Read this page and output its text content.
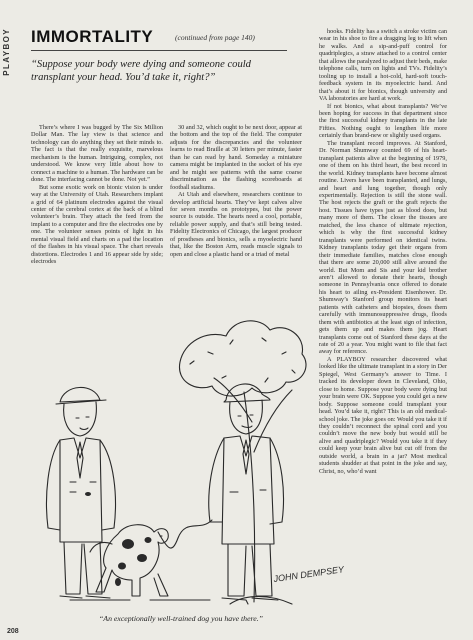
PLAYBOY IMMORTALITY	(continued from page 140)
“Suppose your body were dying and someone could transplant your head. You’d take it, right?”

There’s where I was bugged by The Six Million Dollar Man. The lay view is that science and technology can do anything they set their minds to. The fact is that the really exquisite, marvelous mechanism is the human. Intriguing, complex, not understood. We know very little about how to connect a machine to a human. The hardware can be done. The interfacing cannot be done. Not yet.”

But some exotic work on bionic vision is under way at the University of Utah. Researchers implant a grid of 64 platinum electrodes against the visual center of the cerebral cortex at the back of a blind volunteer’s brain. They attach the feed from the implant to a computer and fire the electrodes one by one. The volunteer senses points of light in his mental visual field and charts on a pad the location of the flashes in his visual space. The chart reveals distortions. Electrodes 1 and 16 appear side by side; electrodes

30 and 32, which ought to be next door, appear at the bottom and the top of the field. The computer adjusts for the discrepancies and the volunteer learns to read Braille at 30 letters per minute, faster than he can read by hand. Someday a miniature camera might be implanted in the socket of his eye and he might see patterns with the same coarse discrimination as the flashing scoreboards at football stadiums.

At Utah and elsewhere, researchers continue to develop artificial hearts. They’ve kept calves alive for seven months on prototypes, but the power source is outside. The hearts need a cool, portable, reliable power supply, and that’s still being tested. Fidelity Electronics of Chicago, the largest producer of prostheses and bionics, sells a myoelectric hand that, like the Boston Arm, reads muscle signals to open and close a plastic hand or a triad of metal

hooks. Fidelity has a switch a stroke victim can wear in his shoe to fire a dragging leg to lift when he walks. And a sip-and-puff control for quadriplegics, a straw attached to a control center that allows the paralyzed to adjust their beds, make telephone calls, turn on lights and TVs. Fidelity’s tooling up to install a hot-cold, hard-soft touch-feedback system in its myoelectric hand. And that’s about it for bionics, though university and VA laboratories are hard at work.

If not bionics, what about transplants? We’ve been hoping for success in that department since the first successful kidney transplants in the late Fifties. Nothing ought to lengthen life more certainly than brand-new or slightly used organs.

The transplant record improves. At Stanford, Dr. Norman Shumway counted 69 of his heart-transplant patients alive at the beginning of 1979, one of them on his third heart, the best record in the world. Kidney transplants have become almost routine. Livers have been transplanted, and lungs, and heart and lung together, though only experimentally. Rejection is still the stone wall. The host rejects the graft or the graft rejects the host. Tissues have types just as blood does, but many more of them. The closer the tissues are matched, the less chance of ultimate rejection, which is why the first successful kidney transplants were performed on identical twins. Kidney transplants today get their organs from their immediate families, matches close enough that there are some 20,000 still alive around the world. But Mom and Sis and your kid brother aren’t allowed to donate their hearts, though someone in Pennsylvania once offered to donate his heart to ailing ex-President Eisenhower. Dr. Shumway’s Stanford group monitors its heart patients with catheters and biopsies, doses them carefully with immunosuppressive drugs, floods them with antibiotics at the least sign of infection, gets them up and makes them jog. Heart transplants come out of Stanford these days at the rate of 20 a year. You might want to file that fact away for reference.

A PLAYBOY researcher discovered what looked like the ultimate transplant in a story in Der Spiegel, West Germany’s answer to Time. I tracked its developer down in Cleveland, Ohio, close to home. Suppose your body were dying but your brain were OK. Suppose you could get a new body. Suppose someone could transplant your head. You’d take it, right? This is an old medical-school joke. The joke goes on: Would you take it if they couldn’t reconnect the spinal cord and you couldn’t move the new body but would still be alive and quadriplegic? Would you take it if they could keep your brain alive but cut off from the outside world, a brain in a jar? Most medical students shudder at that point in the joke and say, Christ, no, who’d want

JOHN DEMPSEY
“An exceptionally well-trained dog you have there.”
208
